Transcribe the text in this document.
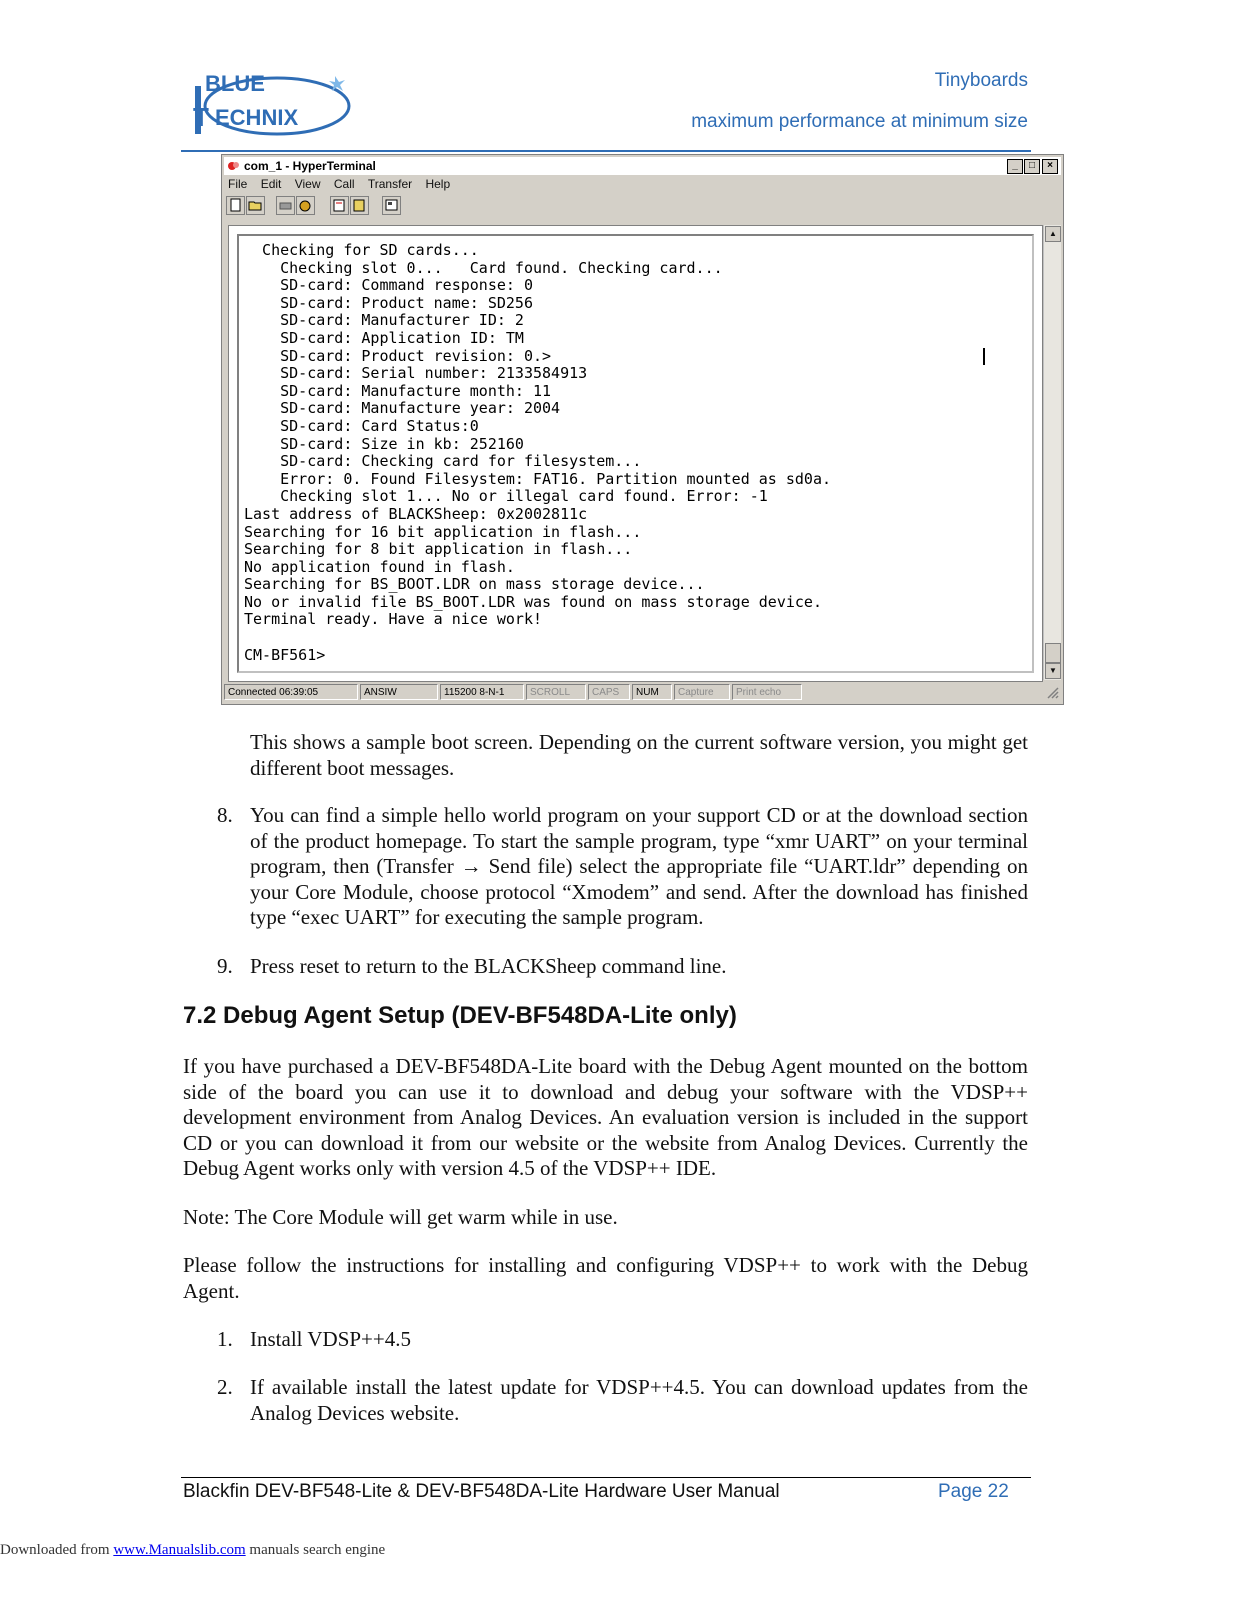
BLUE
T ECHNIX
Tinyboards
maximum performance at minimum size
com_1 - HyperTerminal	_	□	×
File Edit View Call Transfer Help
Checking for SD cards...
Checking slot 0...   Card found. Checking card...
SD-card: Command response: 0
SD-card: Product name: SD256
SD-card: Manufacturer ID: 2
SD-card: Application ID: TM
SD-card: Product revision: 0.>
SD-card: Serial number: 2133584913
SD-card: Manufacture month: 11
SD-card: Manufacture year: 2004
SD-card: Card Status:0
SD-card: Size in kb: 252160
SD-card: Checking card for filesystem...
Error: 0. Found Filesystem: FAT16. Partition mounted as sd0a.
Checking slot 1... No or illegal card found. Error: -1
Last address of BLACKSheep: 0x2002811c
Searching for 16 bit application in flash...
Searching for 8 bit application in flash...
No application found in flash.
Searching for BS_BOOT.LDR on mass storage device...
No or invalid file BS_BOOT.LDR was found on mass storage device.
Terminal ready. Have a nice work!

CM-BF561>
▲
▼
Connected 06:39:05	ANSIW	115200 8-N-1	SCROLL	CAPS	NUM	Capture	Print echo
This shows a sample boot screen. Depending on the current software version, you might get different boot messages.
8. You can find a simple hello world program on your support CD or at the download section of the product homepage. To start the sample program, type “xmr UART” on your terminal program, then (Transfer → Send file) select the appropriate file “UART.ldr” depending on your Core Module, choose protocol “Xmodem” and send. After the download has finished type “exec UART” for executing the sample program.
9. Press reset to return to the BLACKSheep command line.
7.2 Debug Agent Setup (DEV-BF548DA-Lite only)
If you have purchased a DEV-BF548DA-Lite board with the Debug Agent mounted on the bottom side of the board you can use it to download and debug your software with the VDSP++ development environment from Analog Devices. An evaluation version is included in the support CD or you can download it from our website or the website from Analog Devices. Currently the Debug Agent works only with version 4.5 of the VDSP++ IDE.
Note: The Core Module will get warm while in use.
Please follow the instructions for installing and configuring VDSP++ to work with the Debug Agent.
1. Install VDSP++4.5
2. If available install the latest update for VDSP++4.5. You can download updates from the Analog Devices website.
Blackfin DEV-BF548-Lite & DEV-BF548DA-Lite Hardware User Manual	Page 22
Downloaded from www.Manualslib.com manuals search engine
